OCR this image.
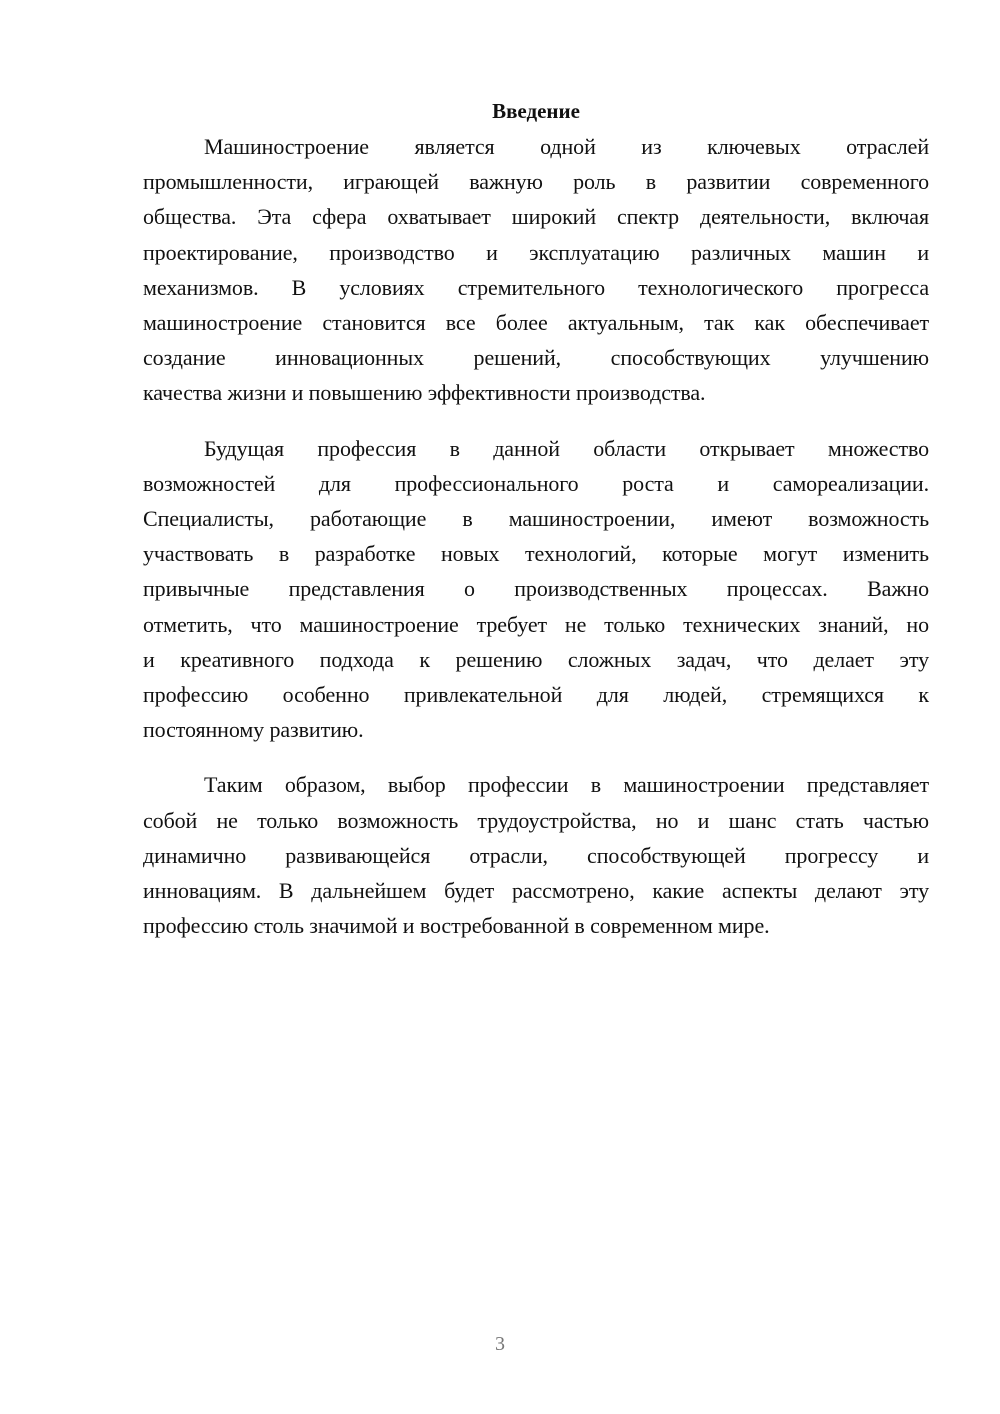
Введение

Машиностроение является одной из ключевых отраслей
промышленности, играющей важную роль в развитии современного
общества. Эта сфера охватывает широкий спектр деятельности, включая
проектирование, производство и эксплуатацию различных машин и
механизмов. В условиях стремительного технологического прогресса
машиностроение становится все более актуальным, так как обеспечивает
создание инновационных решений, способствующих улучшению
качества жизни и повышению эффективности производства.

Будущая профессия в данной области открывает множество
возможностей для профессионального роста и самореализации.
Специалисты, работающие в машиностроении, имеют возможность
участвовать в разработке новых технологий, которые могут изменить
привычные представления о производственных процессах. Важно
отметить, что машиностроение требует не только технических знаний, но
и креативного подхода к решению сложных задач, что делает эту
профессию особенно привлекательной для людей, стремящихся к
постоянному развитию.

Таким образом, выбор профессии в машиностроении представляет
собой не только возможность трудоустройства, но и шанс стать частью
динамично развивающейся отрасли, способствующей прогрессу и
инновациям. В дальнейшем будет рассмотрено, какие аспекты делают эту
профессию столь значимой и востребованной в современном мире.

3
